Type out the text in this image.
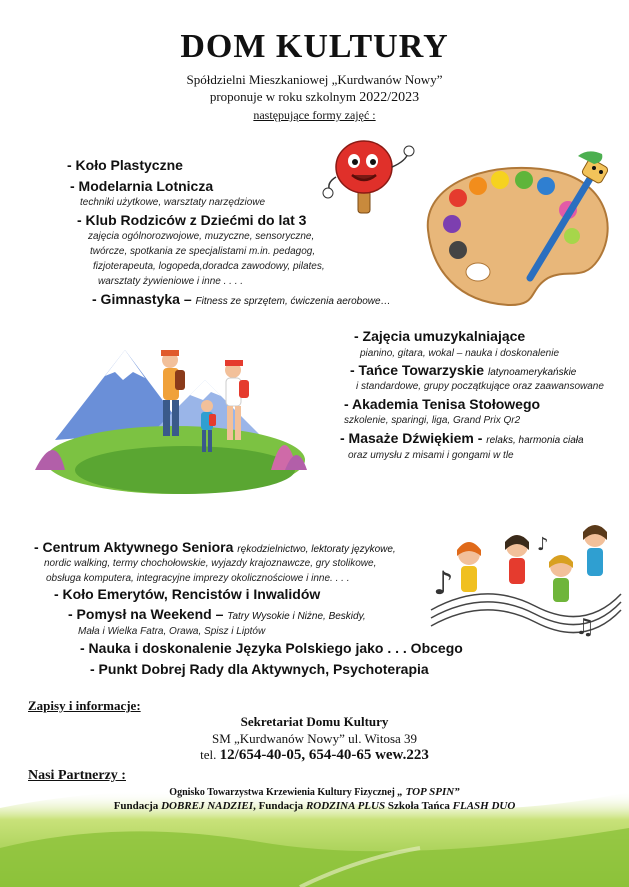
DOM KULTURY
Spółdzielni Mieszkaniowej „Kurdwanów Nowy”
proponuje w roku szkolnym 2022/2023
następujące formy zajęć :
- Koło Plastyczne
- Modelarnia Lotnicza
techniki użytkowe, warsztaty narzędziowe
- Klub Rodziców z Dziećmi do lat 3
zajęcia ogólnorozwojowe, muzyczne, sensoryczne,
twórcze, spotkania ze specjalistami m.in. pedagog,
fizjoterapeuta, logopeda,doradca zawodowy, pilates,
warsztaty żywieniowe i inne . . . .
- Gimnastyka – Fitness ze sprzętem, ćwiczenia aerobowe…
- Zajęcia umuzykalniające
pianino, gitara, wokal – nauka i doskonalenie
- Tańce Towarzyskie latynoamerykańskie
i standardowe, grupy początkujące oraz zaawansowane
- Akademia Tenisa Stołowego
szkolenie, sparingi, liga, Grand Prix Qr2
- Masaże Dźwiękiem - relaks, harmonia ciała
oraz umysłu z misami i gongami w tle
♪
♫
♪
- Centrum Aktywnego Seniora rękodzielnictwo, lektoraty językowe,
nordic walking, termy chochołowskie, wyjazdy krajoznawcze, gry stolikowe,
obsługa komputera, integracyjne imprezy okolicznościowe i inne. . . .
- Koło Emerytów, Rencistów i Inwalidów
- Pomysł na Weekend – Tatry Wysokie i Niżne, Beskidy,
Mała i Wielka Fatra, Orawa, Spisz i Liptów
- Nauka i doskonalenie Języka Polskiego jako . . . Obcego
- Punkt Dobrej Rady dla Aktywnych, Psychoterapia
Zapisy i informacje:
Sekretariat Domu Kultury
SM „Kurdwanów Nowy” ul. Witosa 39
tel. 12/654-40-05, 654-40-65 wew.223
Nasi Partnerzy :
Ognisko Towarzystwa Krzewienia Kultury Fizycznej „ TOP SPIN”
Fundacja DOBREJ NADZIEI, Fundacja RODZINA PLUS Szkoła Tańca FLASH DUO
